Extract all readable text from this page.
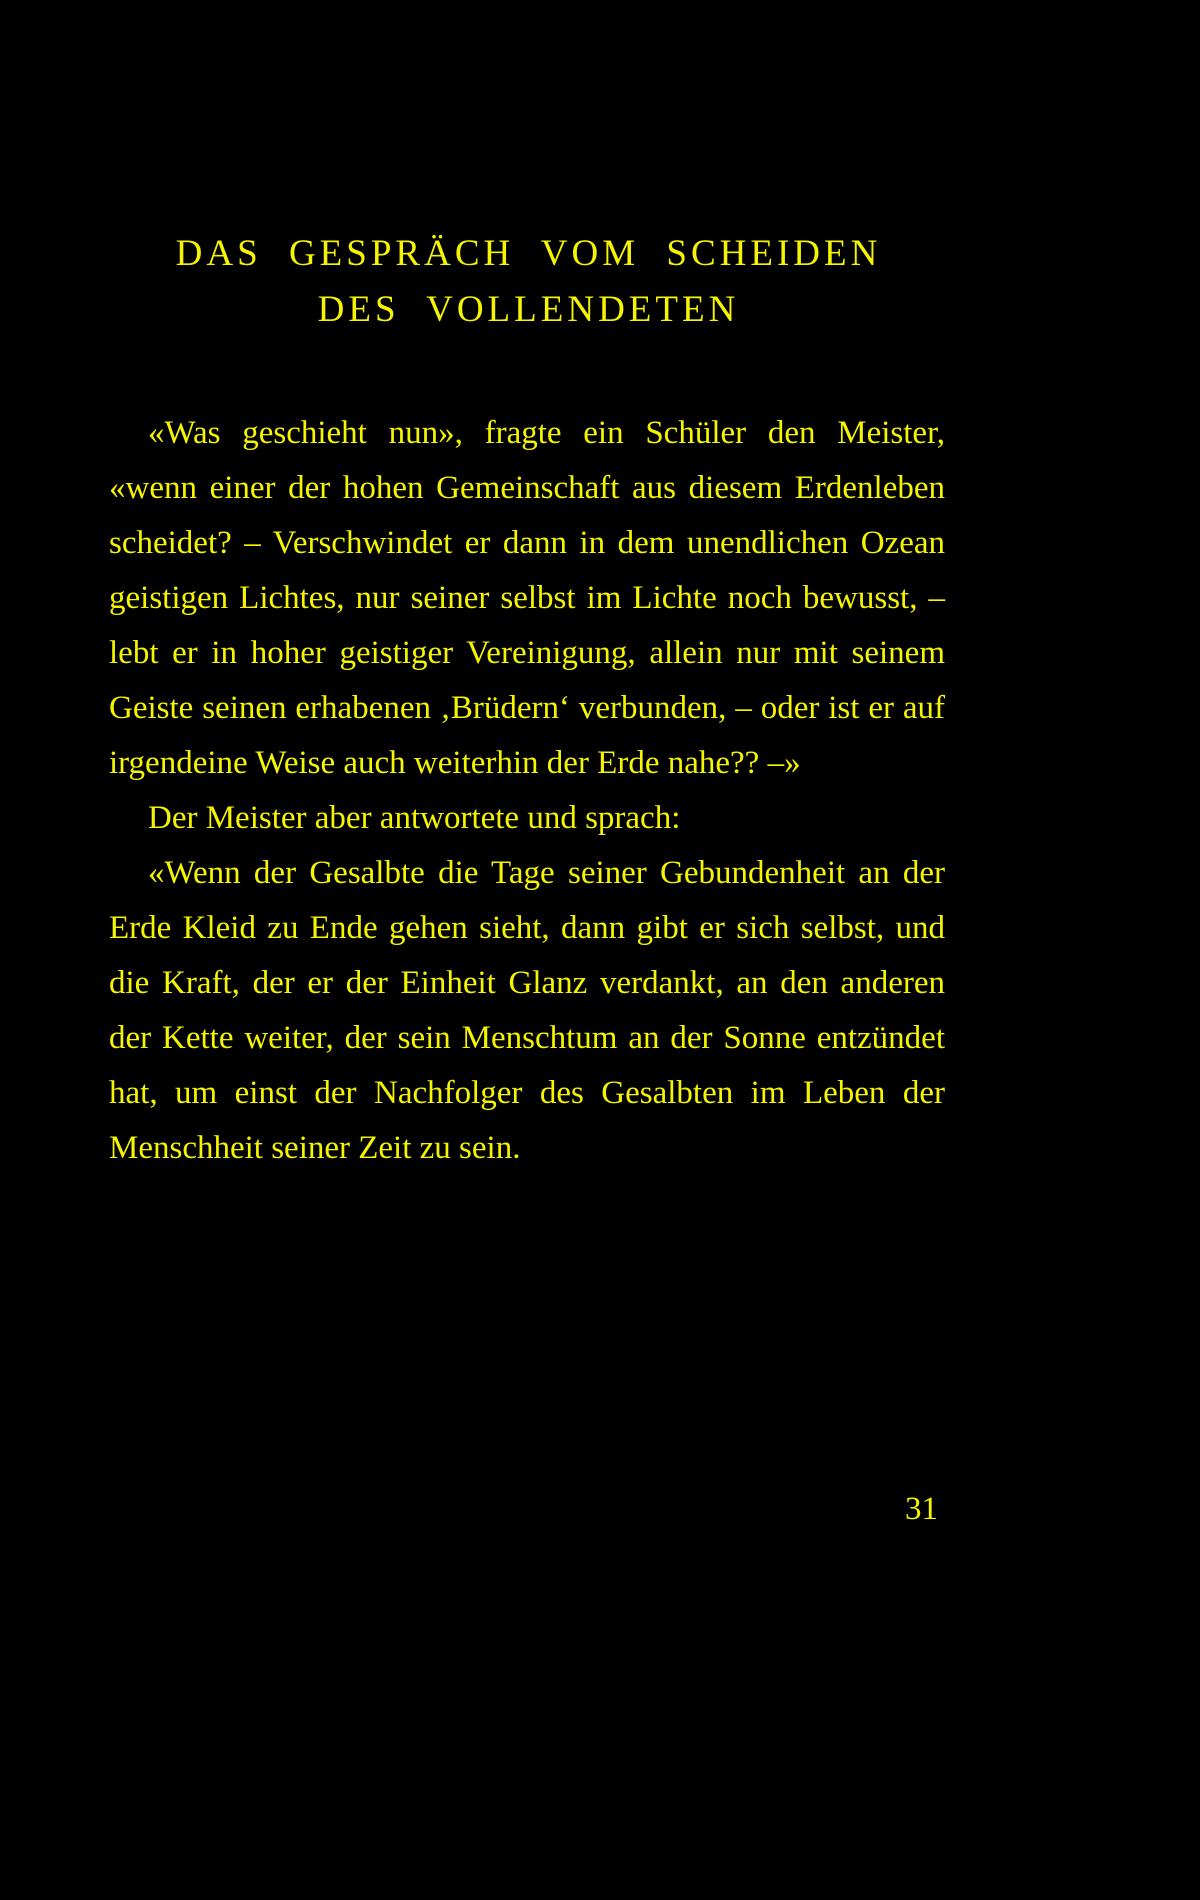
DAS GESPRÄCH VOM SCHEIDEN
DES VOLLENDETEN

«Was geschieht nun», fragte ein Schüler den Meister, «wenn einer der hohen Gemeinschaft aus diesem Erdenleben scheidet? – Verschwindet er dann in dem unendlichen Ozean geistigen Lichtes, nur seiner selbst im Lichte noch bewusst, – lebt er in hoher geistiger Vereinigung, allein nur mit seinem Geiste seinen erhabenen ‚Brüdern‘ verbunden, – oder ist er auf irgendeine Weise auch weiterhin der Erde nahe?? –»

Der Meister aber antwortete und sprach:

«Wenn der Gesalbte die Tage seiner Gebundenheit an der Erde Kleid zu Ende gehen sieht, dann gibt er sich selbst, und die Kraft, der er der Einheit Glanz verdankt, an den anderen der Kette weiter, der sein Menschtum an der Sonne entzündet hat, um einst der Nachfolger des Gesalbten im Leben der Menschheit seiner Zeit zu sein.

31
